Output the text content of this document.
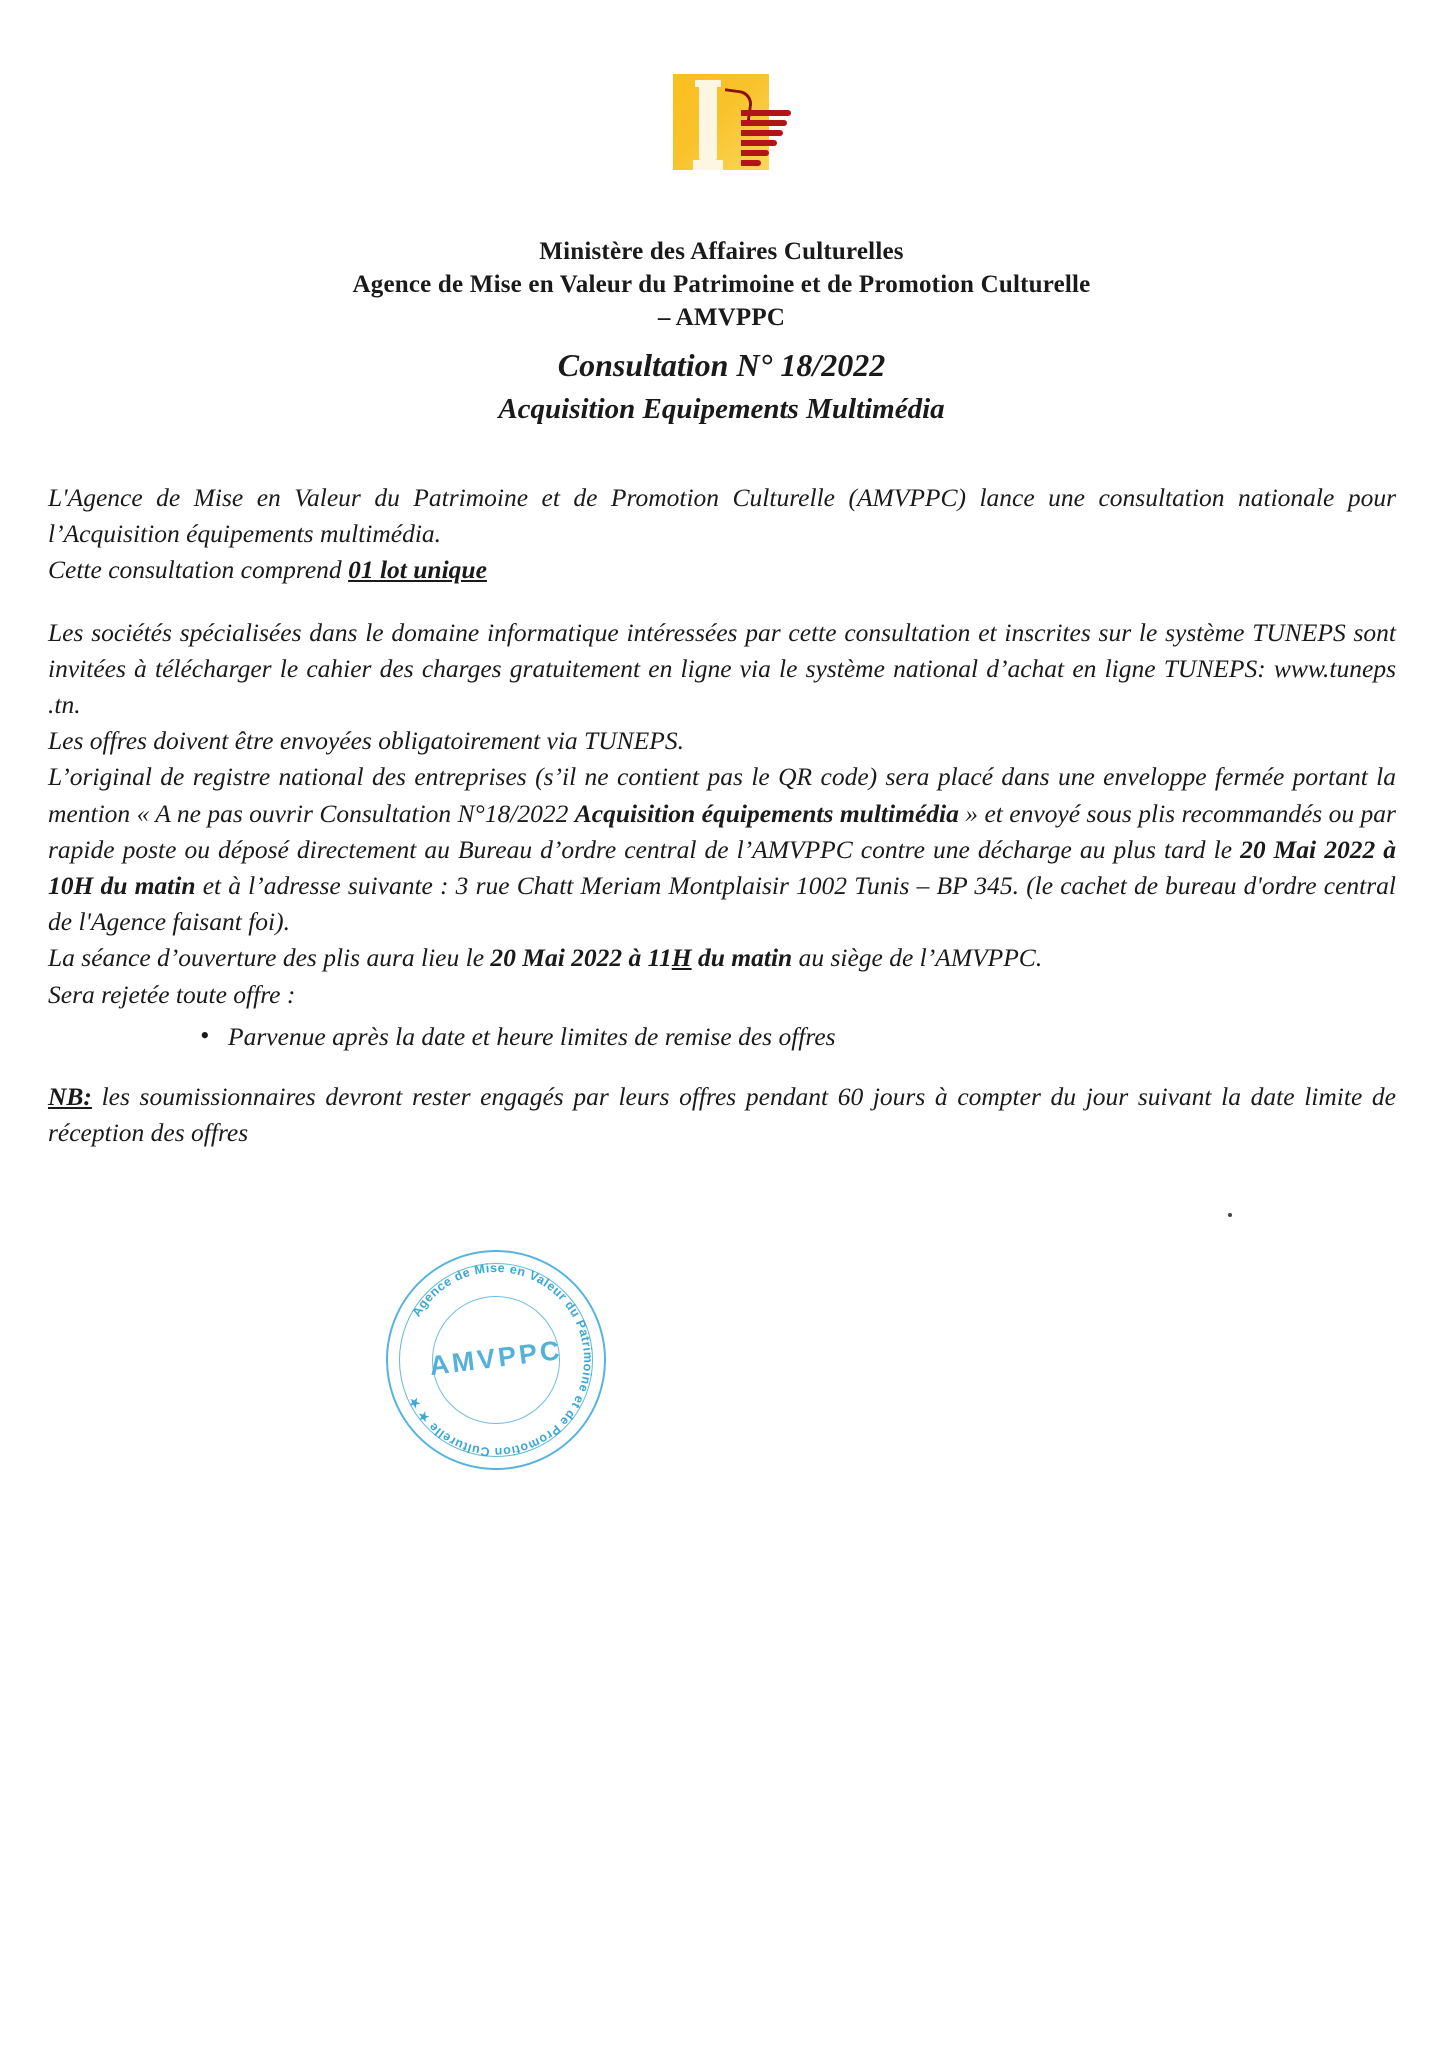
Ministère des Affaires Culturelles
Agence de Mise en Valeur du Patrimoine et de Promotion Culturelle
– AMVPPC
Consultation N° 18/2022
Acquisition Equipements Multimédia

L'Agence de Mise en Valeur du Patrimoine et de Promotion Culturelle (AMVPPC) lance une consultation nationale pour l’Acquisition équipements multimédia.

Cette consultation comprend 01 lot unique

Les sociétés spécialisées dans le domaine informatique intéressées par cette consultation et inscrites sur le système TUNEPS sont invitées à télécharger le cahier des charges gratuitement en ligne via le système national d’achat en ligne TUNEPS: www.tuneps .tn.

Les offres doivent être envoyées obligatoirement via TUNEPS.

L’original de registre national des entreprises (s’il ne contient pas le QR code) sera placé dans une enveloppe fermée portant la mention « A ne pas ouvrir Consultation N°18/2022 Acquisition équipements multimédia » et envoyé sous plis recommandés ou par rapide poste ou déposé directement au Bureau d’ordre central de l’AMVPPC contre une décharge au plus tard le 20 Mai 2022 à 10H du matin et à l’adresse suivante : 3 rue Chatt Meriam Montplaisir 1002 Tunis – BP 345. (le cachet de bureau d'ordre central de l'Agence faisant foi).

La séance d’ouverture des plis aura lieu le 20 Mai 2022 à 11H du matin au siège de l’AMVPPC.

Sera rejetée toute offre :

• Parvenue après la date et heure limites de remise des offres

NB: les soumissionnaires devront rester engagés par leurs offres pendant 60 jours à compter du jour suivant la date limite de réception des offres

Agence de Mise en Valeur du Patrimoine et de Promotion Culturelle ★ ★
AMVPPC
